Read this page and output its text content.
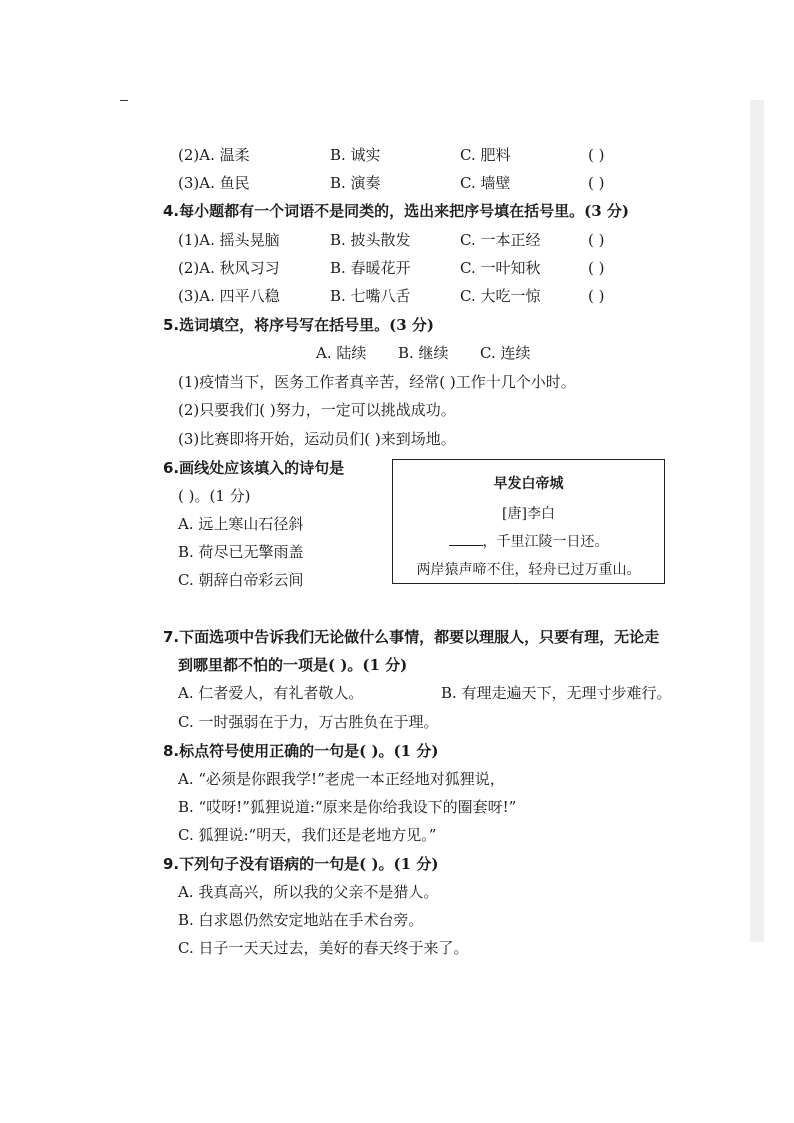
(2)A. 温柔	B. 诚实	C. 肥料	( )
(3)A. 鱼民	B. 演奏	C. 墙壁	( )
4.每小题都有一个词语不是同类的，选出来把序号填在括号里。(3 分)
(1)A. 摇头晃脑	B. 披头散发	C. 一本正经	( )
(2)A. 秋风习习	B. 春暖花开	C. 一叶知秋	( )
(3)A. 四平八稳	B. 七嘴八舌	C. 大吃一惊	( )
5.选词填空，将序号写在括号里。(3 分)
A. 陆续 B. 继续 C. 连续
(1)疫情当下，医务工作者真辛苦，经常( )工作十几个小时。
(2)只要我们( )努力，一定可以挑战成功。
(3)比赛即将开始，运动员们( )来到场地。
6.画线处应该填入的诗句是
( )。(1 分)
A. 远上寒山石径斜
B. 荷尽已无擎雨盖
C. 朝辞白帝彩云间
早发白帝城
[唐]李白
，千里江陵一日还。
两岸猿声啼不住，轻舟已过万重山。
7.下面选项中告诉我们无论做什么事情，都要以理服人，只要有理，无论走
到哪里都不怕的一项是( )。(1 分)
A. 仁者爱人，有礼者敬人。	B. 有理走遍天下，无理寸步难行。
C. 一时强弱在于力，万古胜负在于理。
8.标点符号使用正确的一句是( )。(1 分)
A. “必须是你跟我学!”老虎一本正经地对狐狸说，
B. “哎呀!”狐狸说道:“原来是你给我设下的圈套呀!”
C. 狐狸说:“明天，我们还是老地方见。”
9.下列句子没有语病的一句是( )。(1 分)
A. 我真高兴，所以我的父亲不是猎人。
B. 白求恩仍然安定地站在手术台旁。
C. 日子一天天过去，美好的春天终于来了。
